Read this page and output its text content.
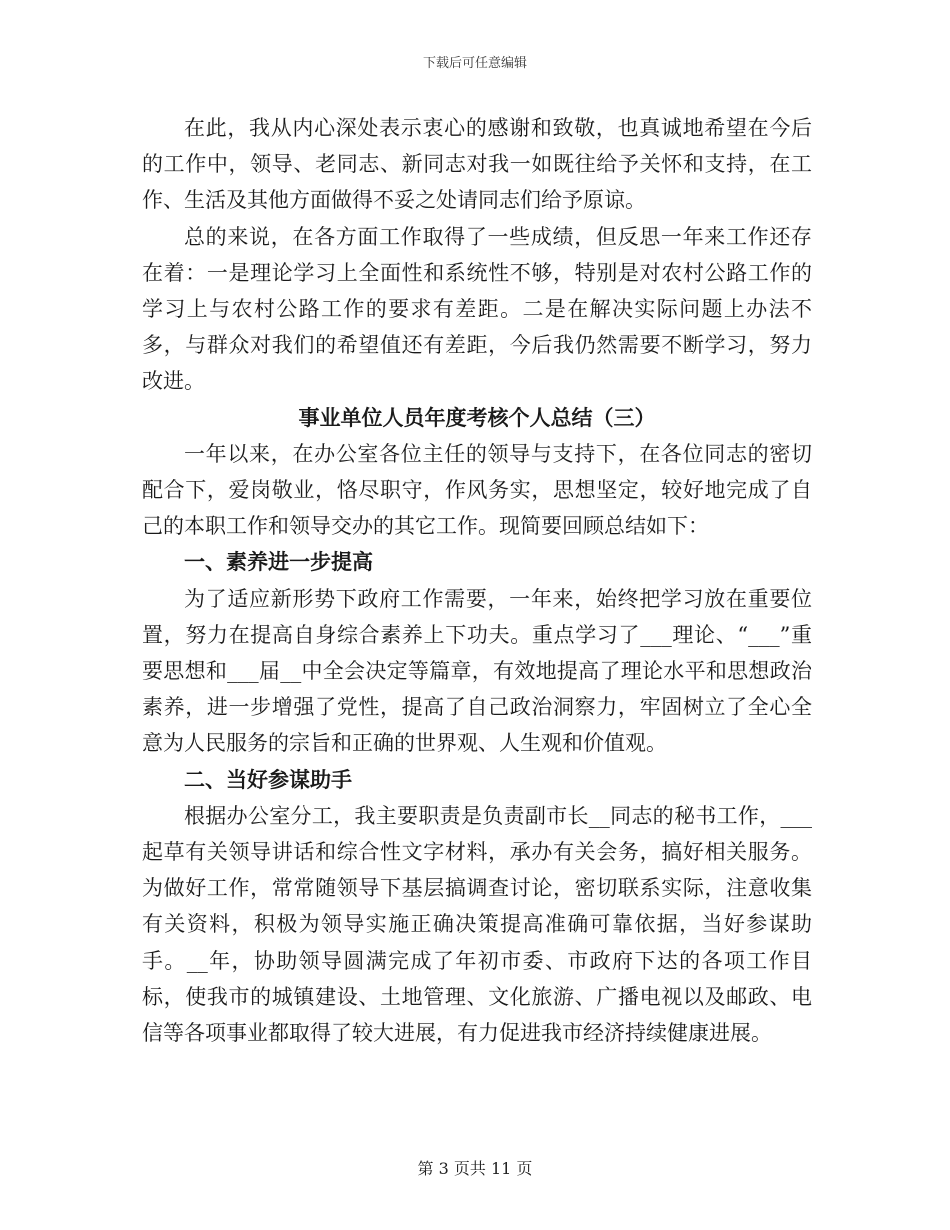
下载后可任意编辑

在此，我从内心深处表示衷心的感谢和致敬，也真诚地希望在今后的工作中，领导、老同志、新同志对我一如既往给予关怀和支持，在工作、生活及其他方面做得不妥之处请同志们给予原谅。

总的来说，在各方面工作取得了一些成绩，但反思一年来工作还存在着：一是理论学习上全面性和系统性不够，特别是对农村公路工作的学习上与农村公路工作的要求有差距。二是在解决实际问题上办法不多，与群众对我们的希望值还有差距，今后我仍然需要不断学习，努力改进。

事业单位人员年度考核个人总结（三）

一年以来，在办公室各位主任的领导与支持下，在各位同志的密切配合下，爱岗敬业，恪尽职守，作风务实，思想坚定，较好地完成了自己的本职工作和领导交办的其它工作。现简要回顾总结如下：

一、素养进一步提高

为了适应新形势下政府工作需要，一年来，始终把学习放在重要位置，努力在提高自身综合素养上下功夫。重点学习了___理论、“___”重要思想和___届__中全会决定等篇章，有效地提高了理论水平和思想政治素养，进一步增强了党性，提高了自己政治洞察力，牢固树立了全心全意为人民服务的宗旨和正确的世界观、人生观和价值观。

二、当好参谋助手

根据办公室分工，我主要职责是负责副市长__同志的秘书工作，___起草有关领导讲话和综合性文字材料，承办有关会务，搞好相关服务。为做好工作，常常随领导下基层搞调查讨论，密切联系实际，注意收集有关资料，积极为领导实施正确决策提高准确可靠依据，当好参谋助手。__年，协助领导圆满完成了年初市委、市政府下达的各项工作目标，使我市的城镇建设、土地管理、文化旅游、广播电视以及邮政、电信等各项事业都取得了较大进展，有力促进我市经济持续健康进展。

第 3 页共 11 页
